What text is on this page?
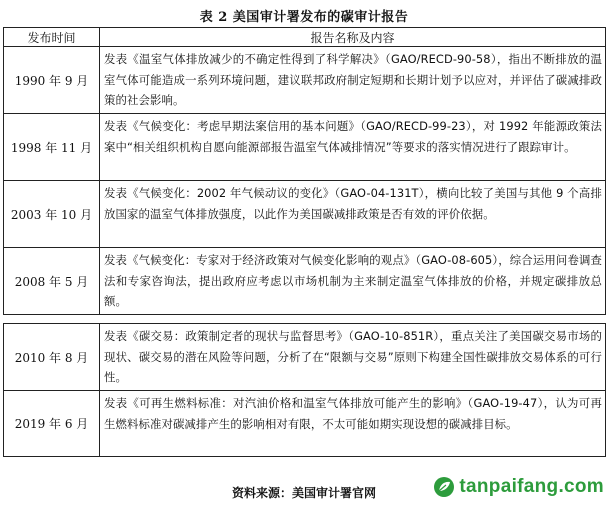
表 2 美国审计署发布的碳审计报告
发布时间	报告名称及内容
1990 年 9 月	发表《温室气体排放减少的不确定性得到了科学解决》（GAO/RECD-90-58），指出不断排放的温室气体可能造成一系列环境问题，建议联邦政府制定短期和长期计划予以应对，并评估了碳减排政策的社会影响。
1998 年 11 月	发表《气候变化：考虑早期法案信用的基本问题》（GAO/RECD-99-23），对 1992 年能源政策法案中“相关组织机构自愿向能源部报告温室气体减排情况”等要求的落实情况进行了跟踪审计。
2003 年 10 月	发表《气候变化：2002 年气候动议的变化》（GAO-04-131T），横向比较了美国与其他 9 个高排放国家的温室气体排放强度，以此作为美国碳减排政策是否有效的评价依据。
2008 年 5 月	发表《气候变化：专家对于经济政策对气候变化影响的观点》（GAO-08-605），综合运用问卷调查法和专家咨询法，提出政府应考虑以市场机制为主来制定温室气体排放的价格，并规定碳排放总额。

2010 年 8 月	发表《碳交易：政策制定者的现状与监督思考》（GAO-10-851R），重点关注了美国碳交易市场的现状、碳交易的潜在风险等问题，分析了在“限额与交易”原则下构建全国性碳排放交易体系的可行性。
2019 年 6 月	发表《可再生燃料标准：对汽油价格和温室气体排放可能产生的影响》（GAO-19-47），认为可再生燃料标准对碳减排产生的影响相对有限，不太可能如期实现设想的碳减排目标。
资料来源：美国审计署官网	tanpaifang.com
